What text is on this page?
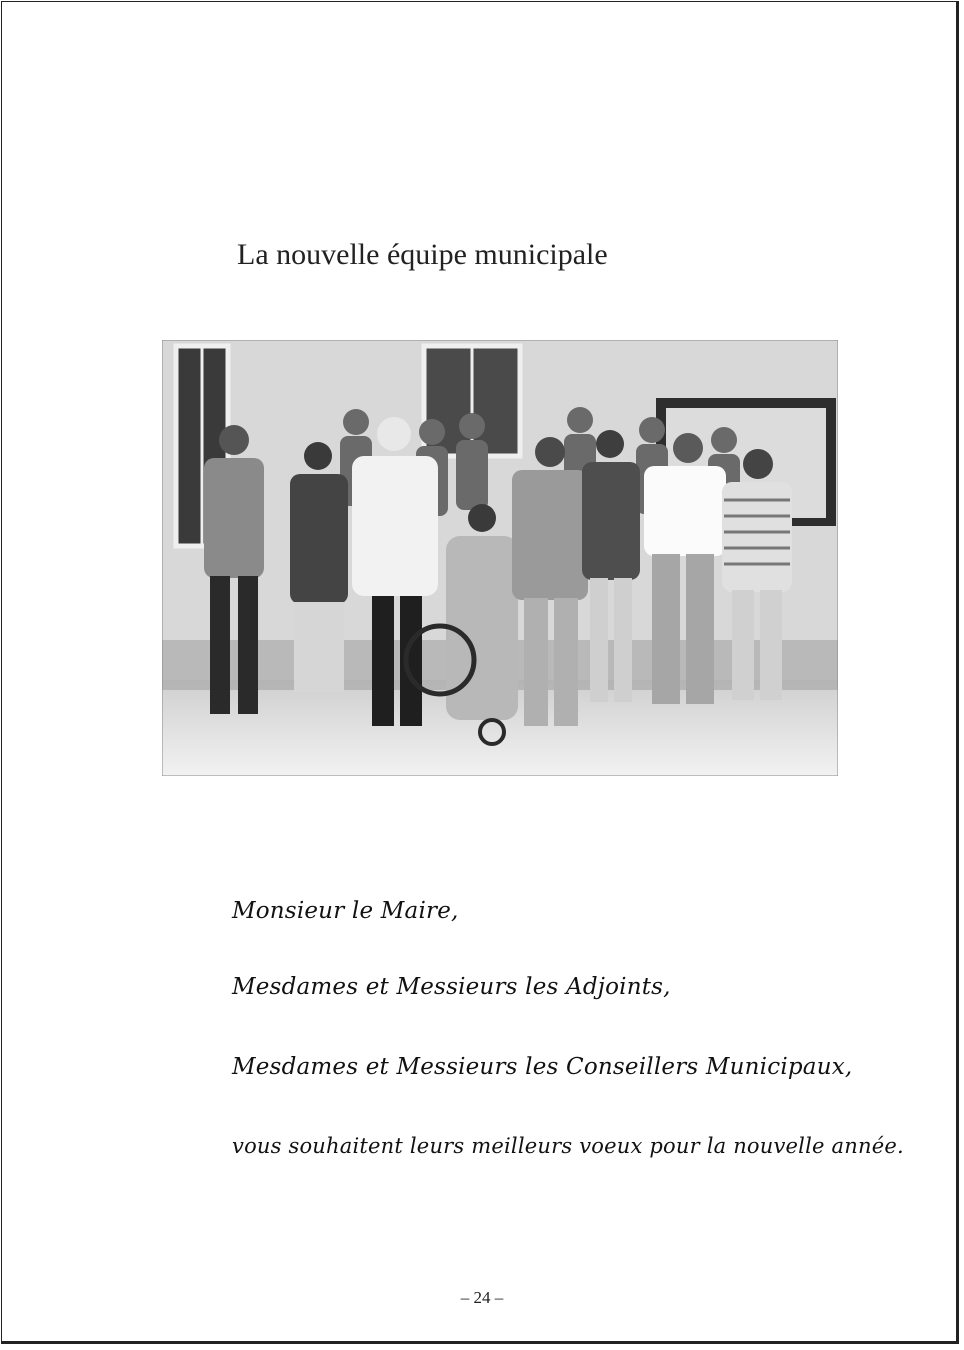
La nouvelle équipe municipale
Monsieur le Maire,
Mesdames et Messieurs les Adjoints,
Mesdames et Messieurs les Conseillers Municipaux,
vous souhaitent leurs meilleurs voeux pour la nouvelle année.
– 24 –
